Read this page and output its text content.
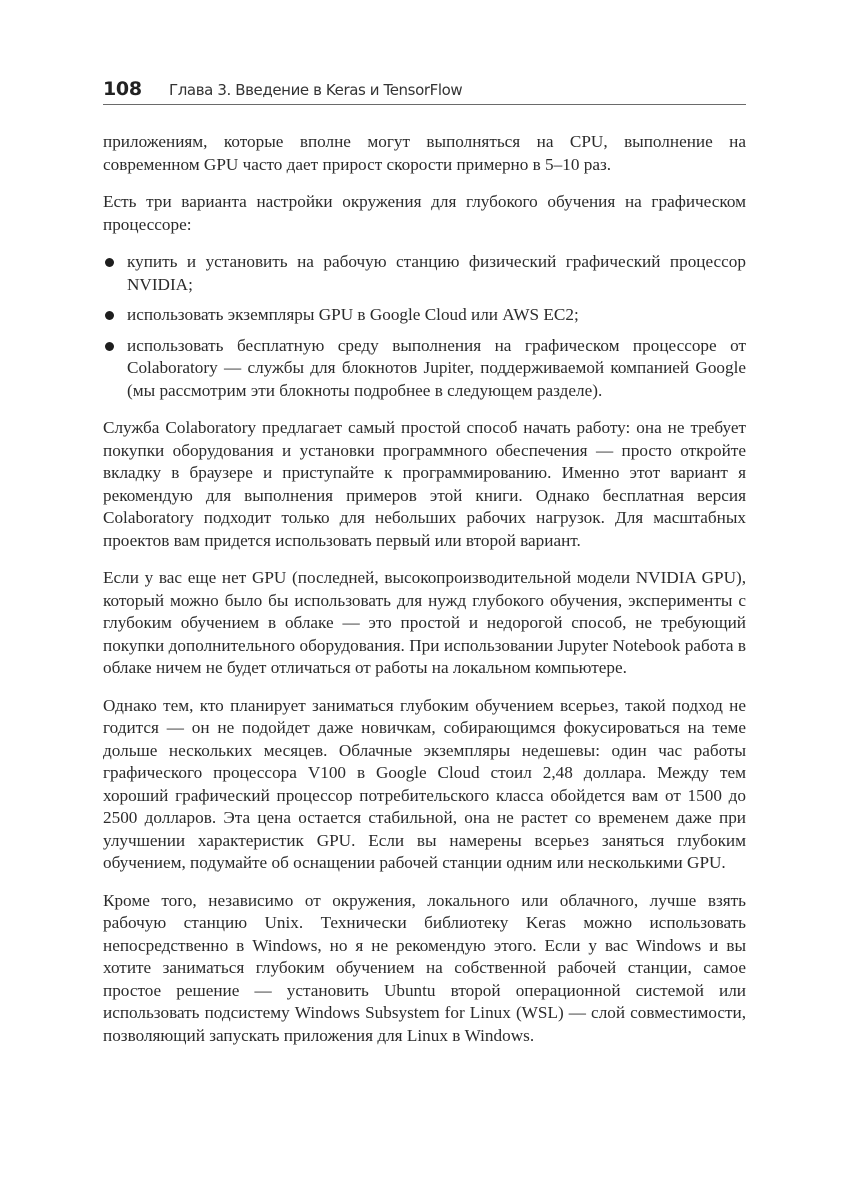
108	Глава 3. Введение в Keras и TensorFlow

приложениям, которые вполне могут выполняться на CPU, выполнение на современном GPU часто дает прирост скорости примерно в 5–10 раз.

Есть три варианта настройки окружения для глубокого обучения на графическом процессоре:

купить и установить на рабочую станцию физический графический процессор NVIDIA;
использовать экземпляры GPU в Google Cloud или AWS EC2;
использовать бесплатную среду выполнения на графическом процессоре от Colaboratory — службы для блокнотов Jupiter, поддерживаемой компанией Google (мы рассмотрим эти блокноты подробнее в следующем разделе).

Служба Colaboratory предлагает самый простой способ начать работу: она не требует покупки оборудования и установки программного обеспечения — просто откройте вкладку в браузере и приступайте к программированию. Именно этот вариант я рекомендую для выполнения примеров этой книги. Однако бесплатная версия Colaboratory подходит только для небольших рабочих нагрузок. Для масштабных проектов вам придется использовать первый или второй вариант.

Если у вас еще нет GPU (последней, высокопроизводительной модели NVIDIA GPU), который можно было бы использовать для нужд глубокого обучения, эксперименты с глубоким обучением в облаке — это простой и недорогой способ, не требующий покупки дополнительного оборудования. При использовании Jupyter Notebook работа в облаке ничем не будет отличаться от работы на локальном компьютере.

Однако тем, кто планирует заниматься глубоким обучением всерьез, такой подход не годится — он не подойдет даже новичкам, собирающимся фокусироваться на теме дольше нескольких месяцев. Облачные экземпляры недешевы: один час работы графического процессора V100 в Google Cloud стоил 2,48 доллара. Между тем хороший графический процессор потребительского класса обойдется вам от 1500 до 2500 долларов. Эта цена остается стабильной, она не растет со временем даже при улучшении характеристик GPU. Если вы намерены всерьез заняться глубоким обучением, подумайте об оснащении рабочей станции одним или несколькими GPU.

Кроме того, независимо от окружения, локального или облачного, лучше взять рабочую станцию Unix. Технически библиотеку Keras можно использовать непосредственно в Windows, но я не рекомендую этого. Если у вас Windows и вы хотите заниматься глубоким обучением на собственной рабочей станции, самое простое решение — установить Ubuntu второй операционной системой или использовать подсистему Windows Subsystem for Linux (WSL) — слой совместимости, позволяющий запускать приложения для Linux в Windows.
